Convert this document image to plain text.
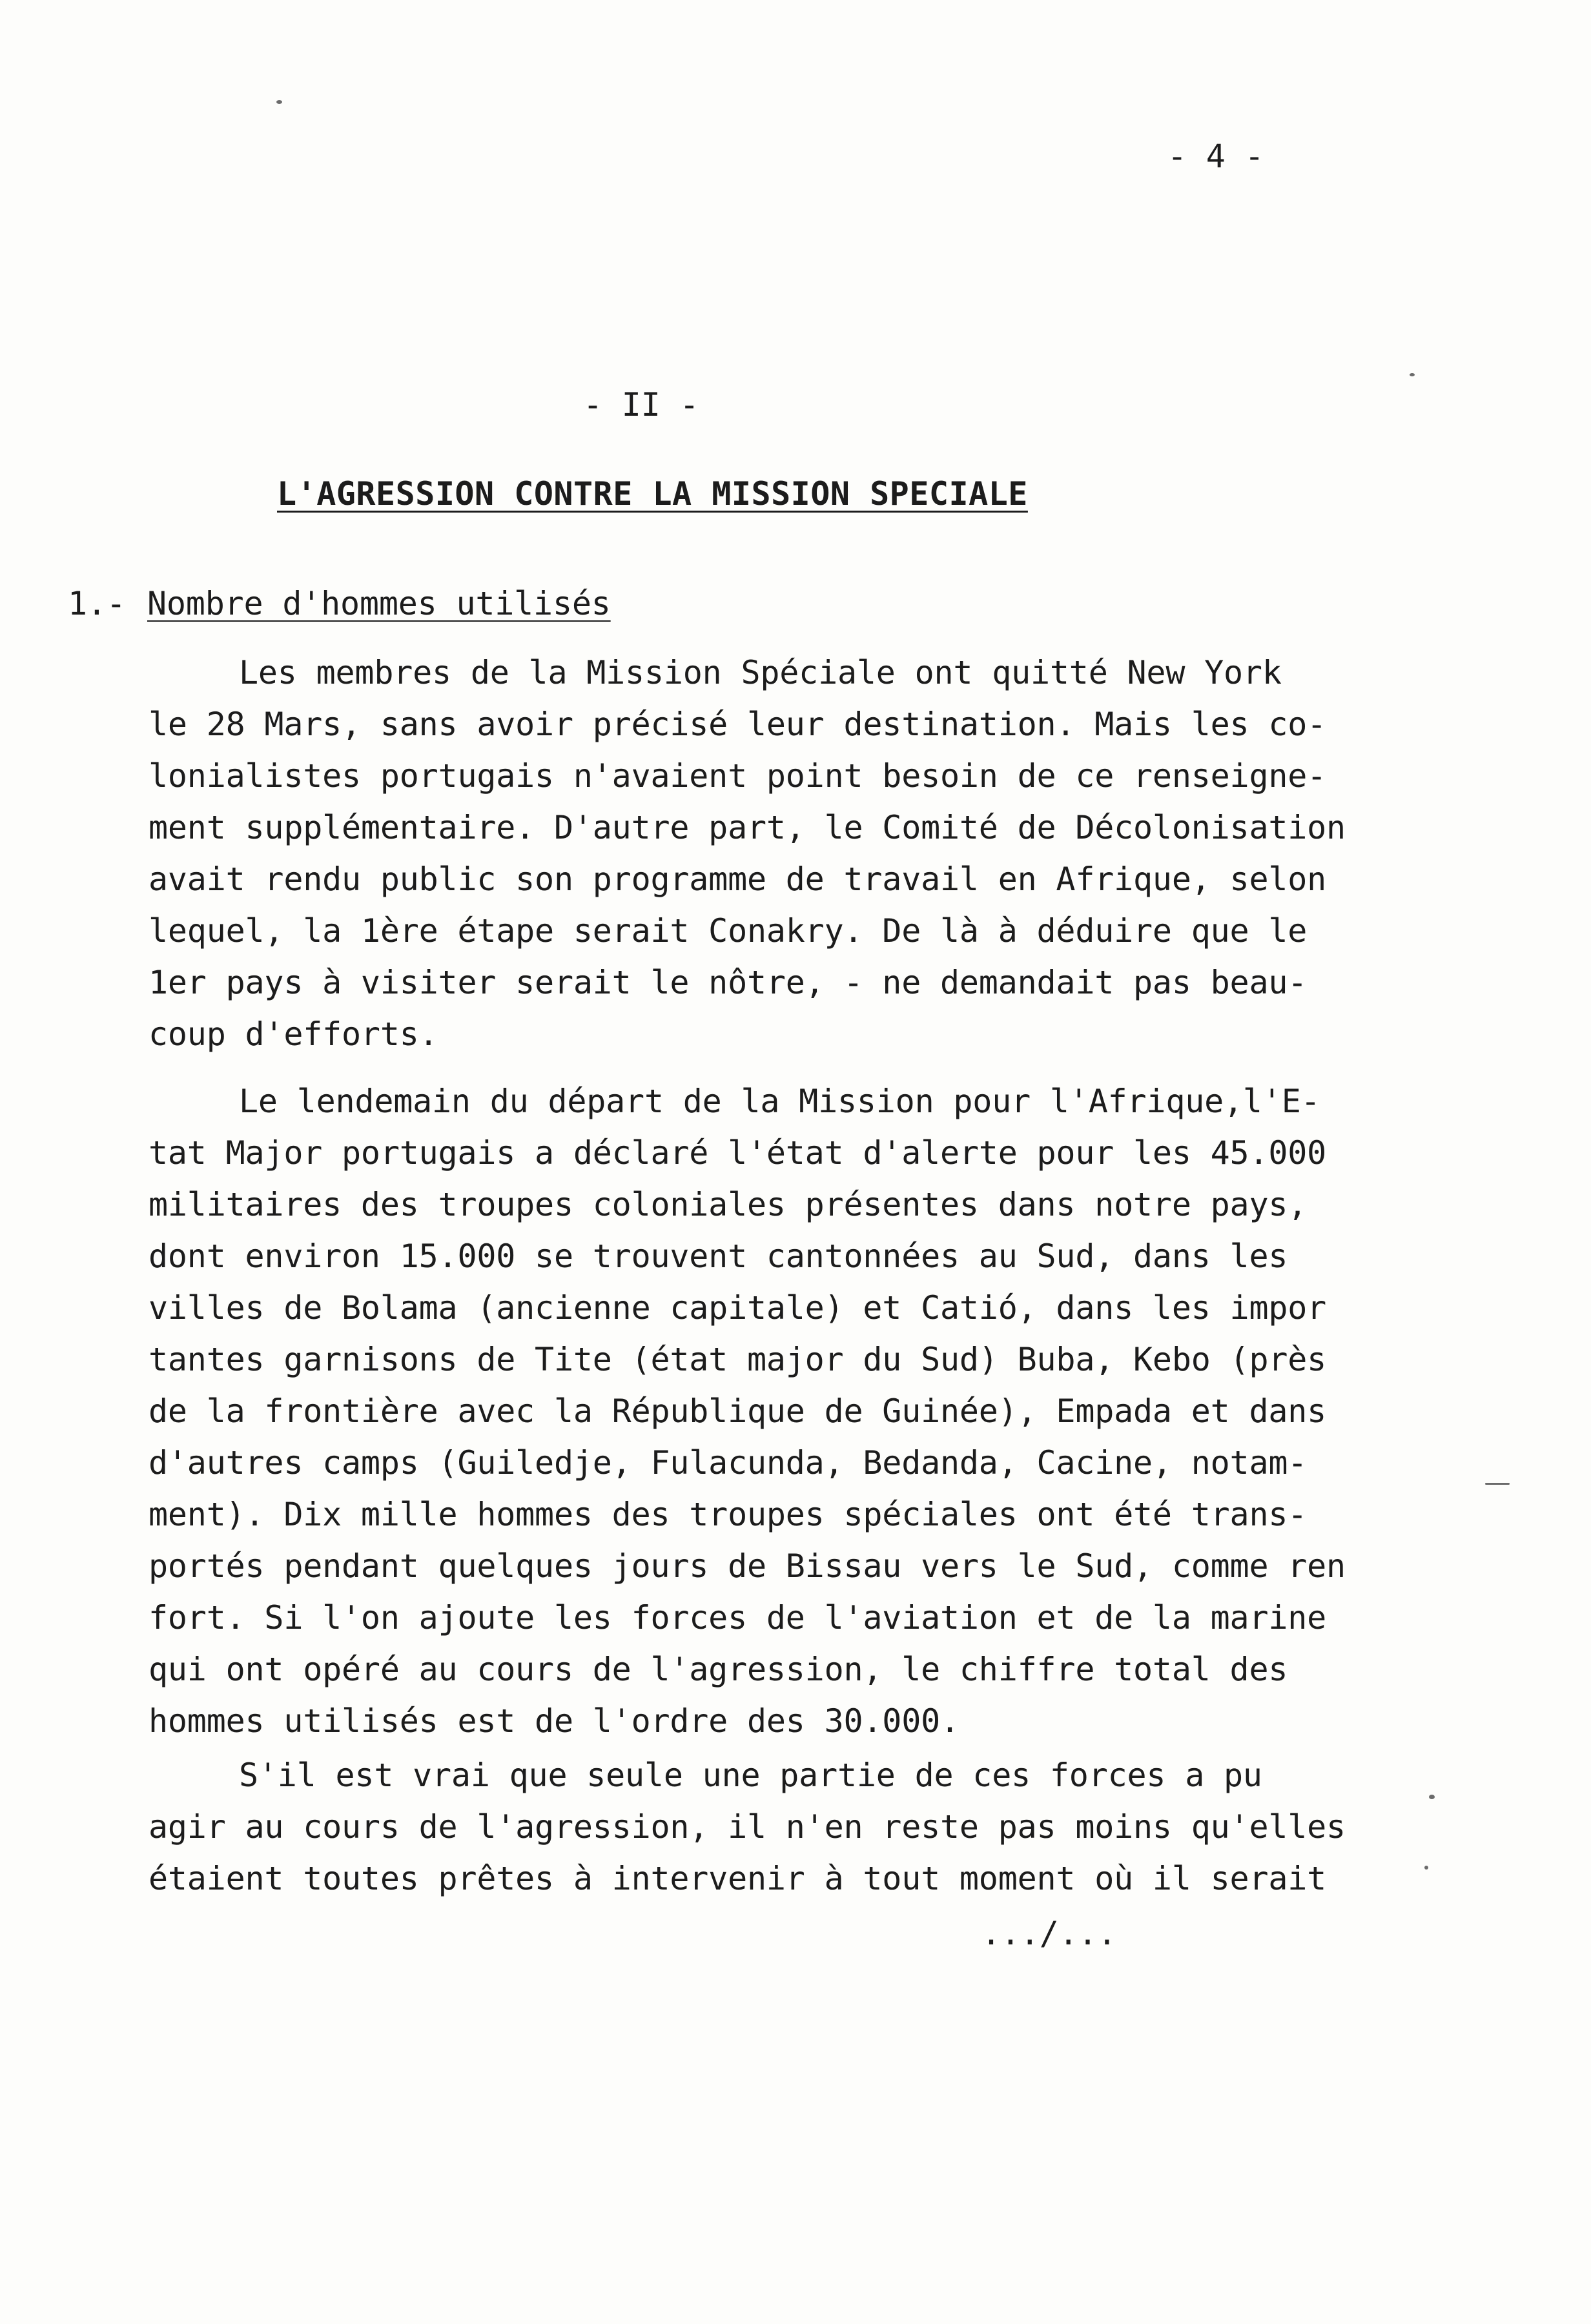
- 4 -
- II -
L'AGRESSION CONTRE LA MISSION SPECIALE
1.- Nombre d'hommes utilisés
Les membres de la Mission Spéciale ont quitté New York
le 28 Mars, sans avoir précisé leur destination. Mais les co-
lonialistes portugais n'avaient point besoin de ce renseigne-
ment supplémentaire. D'autre part, le Comité de Décolonisation
avait rendu public son programme de travail en Afrique, selon
lequel, la 1ère étape serait Conakry. De là à déduire que le
1er pays à visiter serait le nôtre, - ne demandait pas beau-
coup d'efforts.
Le lendemain du départ de la Mission pour l'Afrique,l'E-
tat Major portugais a déclaré l'état d'alerte pour les 45.000
militaires des troupes coloniales présentes dans notre pays,
dont environ 15.000 se trouvent cantonnées au Sud, dans les
villes de Bolama (ancienne capitale) et Catió, dans les impor
tantes garnisons de Tite (état major du Sud) Buba, Kebo (près
de la frontière avec la République de Guinée), Empada et dans
d'autres camps (Guiledje, Fulacunda, Bedanda, Cacine, notam-
ment). Dix mille hommes des troupes spéciales ont été trans-
portés pendant quelques jours de Bissau vers le Sud, comme ren
fort. Si l'on ajoute les forces de l'aviation et de la marine
qui ont opéré au cours de l'agression, le chiffre total des
hommes utilisés est de l'ordre des 30.000.
S'il est vrai que seule une partie de ces forces a pu
agir au cours de l'agression, il n'en reste pas moins qu'elles
étaient toutes prêtes à intervenir à tout moment où il serait
.../...
